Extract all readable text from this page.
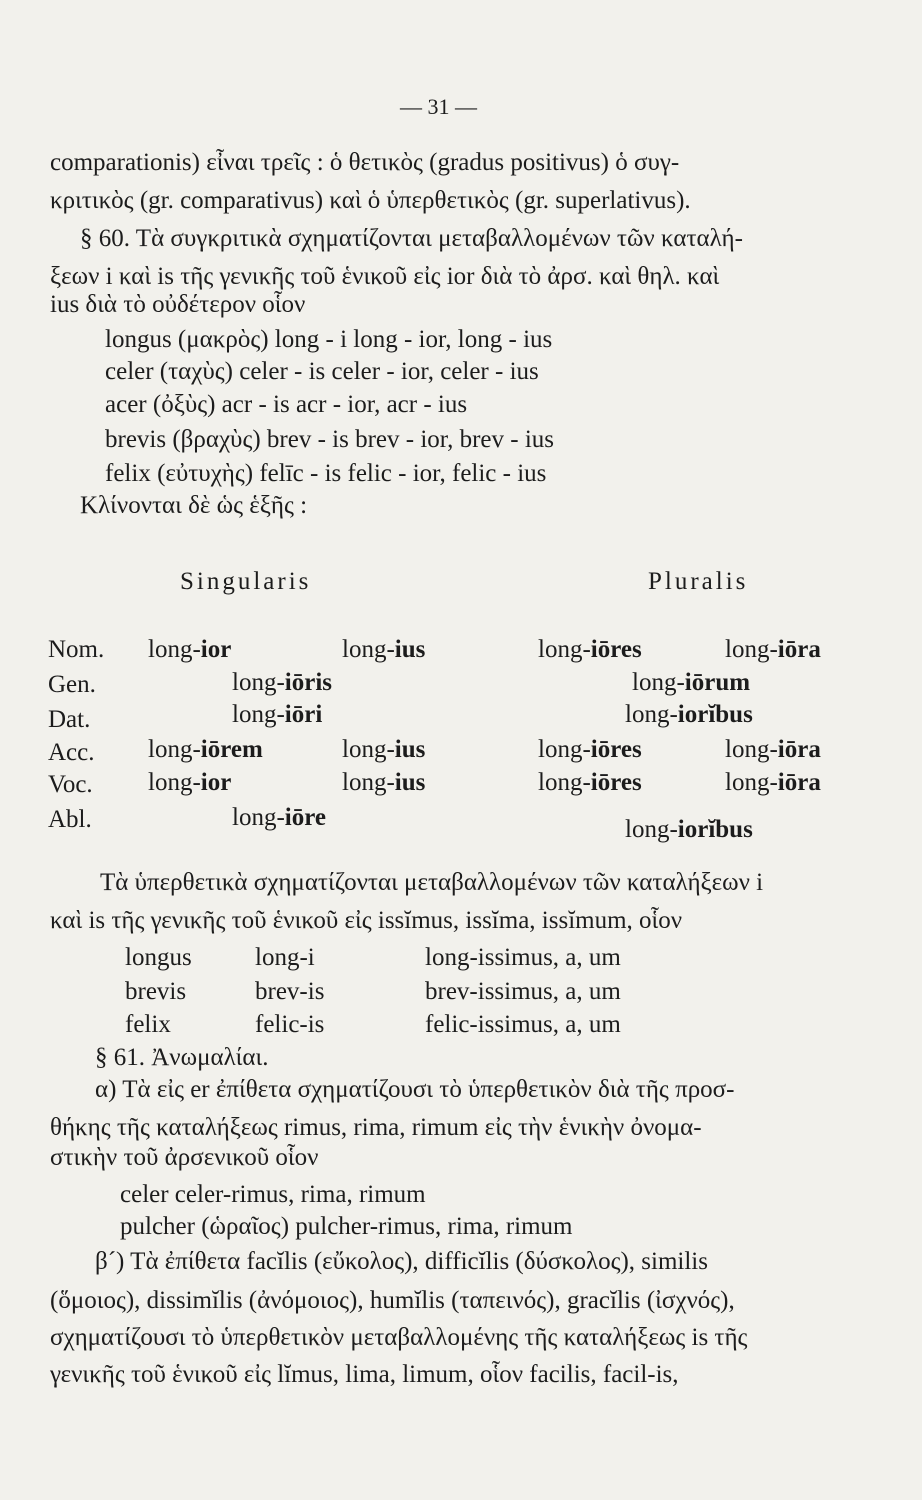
— 31 —
comparationis) εἶναι τρεῖς : ὁ θετικὸς (gradus positivus) ὁ συγ-
κριτικὸς (gr. comparativus) καὶ ὁ ὑπερθετικὸς (gr. superlativus).
§ 60. Τὰ συγκριτικὰ σχηματίζονται μεταβαλλομένων τῶν καταλή-
ξεων i καὶ is τῆς γενικῆς τοῦ ἑνικοῦ εἰς ior διὰ τὸ ἀρσ. καὶ θηλ. καὶ
ius διὰ τὸ οὐδέτερον οἷον
longus (μακρὸς) long - i long - ior, long - ius
celer (ταχὺς) celer - is celer - ior, celer - ius
acer (ὀξὺς) acr - is acr - ior, acr - ius
brevis (βραχὺς) brev - is brev - ior, brev - ius
felix (εὐτυχὴς) felīc - is felic - ior, felic - ius
Κλίνονται δὲ ὡς ἑξῆς :
Singularis	Pluralis
Nom. long-ior	long-ius	long-iōres	long-iōra
Gen.	long-iōris	long-iōrum
Dat.	long-iōri	long-iorĭbus
Acc. long-iōrem	long-ius	long-iōres	long-iōra
Voc. long-ior	long-ius	long-iōres	long-iōra
Abl.	long-iōre	long-iorĭbus
Τὰ ὑπερθετικὰ σχηματίζονται μεταβαλλομένων τῶν καταλήξεων i
καὶ is τῆς γενικῆς τοῦ ἑνικοῦ εἰς issĭmus, issĭma, issĭmum, οἷον
longus	long-i	long-issimus, a, um
brevis	brev-is	brev-issimus, a, um
felix	felic-is	felic-issimus, a, um
§ 61. Ἀνωμαλίαι.
α) Τὰ εἰς er ἐπίθετα σχηματίζουσι τὸ ὑπερθετικὸν διὰ τῆς προσ-
θήκης τῆς καταλήξεως rimus, rima, rimum εἰς τὴν ἑνικὴν ὀνομα-
στικὴν τοῦ ἀρσενικοῦ οἷον
celer celer-rimus, rima, rimum
pulcher (ὡραῖος) pulcher-rimus, rima, rimum
β´) Τὰ ἐπίθετα facĭlis (εὔκολος), difficĭlis (δύσκολος), similis
(ὅμοιος), dissimĭlis (ἀνόμοιος), humĭlis (ταπεινός), gracĭlis (ἰσχνός),
σχηματίζουσι τὸ ὑπερθετικὸν μεταβαλλομένης τῆς καταλήξεως is τῆς
γενικῆς τοῦ ἑνικοῦ εἰς lĭmus, lima, limum, οἷον facilis, facil-is,
